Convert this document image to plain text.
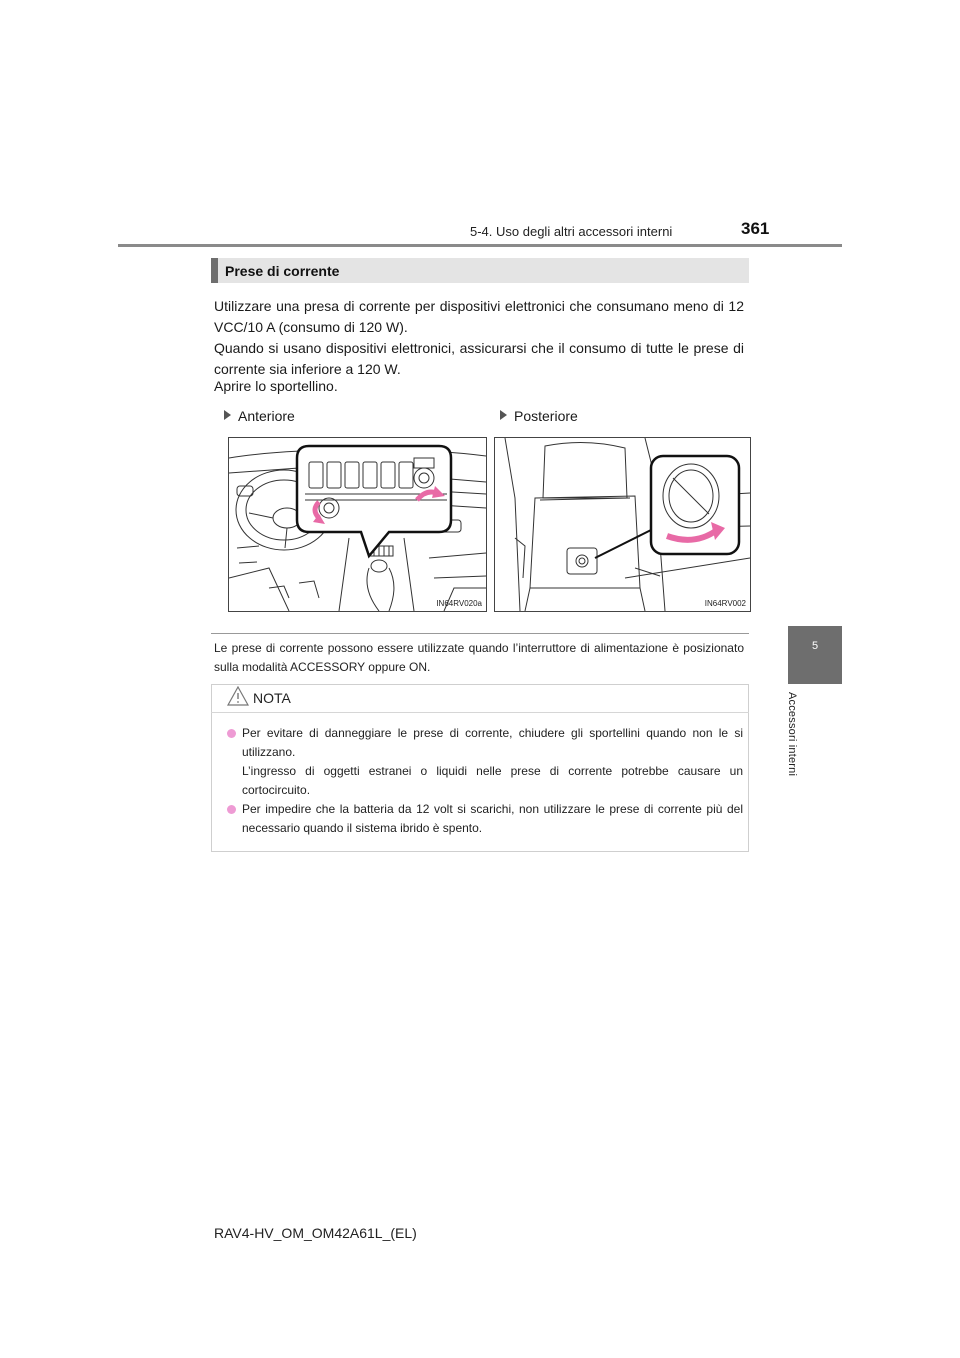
5-4. Uso degli altri accessori interni	361
5
Accessori interni
Prese di corrente
Utilizzare una presa di corrente per dispositivi elettronici che consumano meno di 12 VCC/10 A (consumo di 120 W).
Quando si usano dispositivi elettronici, assicurarsi che il consumo di tutte le prese di corrente sia inferiore a 120 W.
Aprire lo sportellino.
Anteriore	Posteriore
IN64RV020a	IN64RV002
Le prese di corrente possono essere utilizzate quando l’interruttore di alimentazione è posizionato sulla modalità ACCESSORY oppure ON.
NOTA
Per evitare di danneggiare le prese di corrente, chiudere gli sportellini quando non le si utilizzano.
L’ingresso di oggetti estranei o liquidi nelle prese di corrente potrebbe causare un cortocircuito.
Per impedire che la batteria da 12 volt si scarichi, non utilizzare le prese di corrente più del necessario quando il sistema ibrido è spento.
RAV4-HV_OM_OM42A61L_(EL)
